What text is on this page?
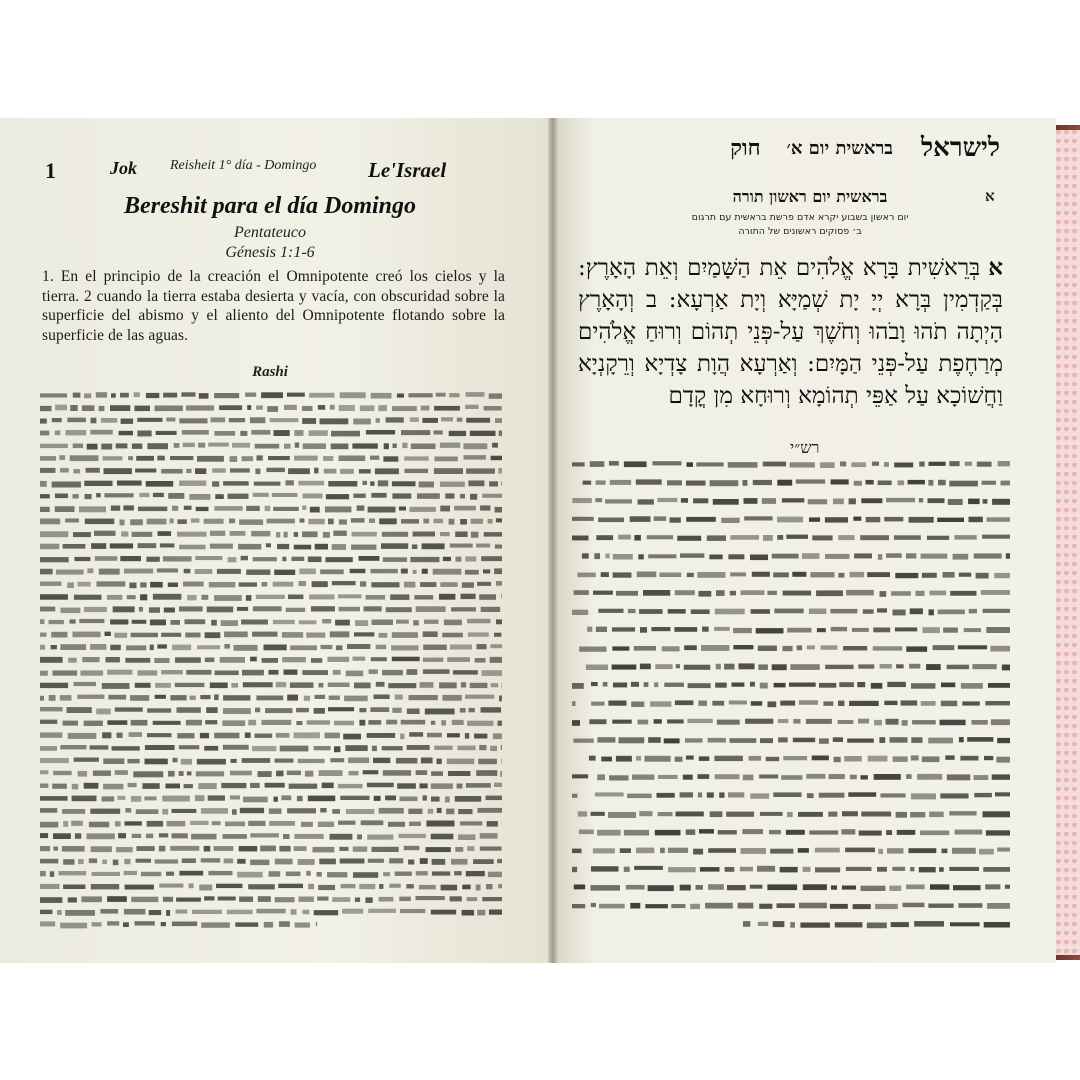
1	Jok Reisheit 1° día - Domingo Le'Israel
Bereshit para el día Domingo
Pentateuco
Génesis 1:1-6
1. En el principio de la creación el Omnipotente creó los cielos y la tierra. 2 cuando la tierra estaba desierta y vacía, con obscuridad sobre la superficie del abismo y el aliento del Omnipotente flotando sobre la superficie de las aguas.
Rashi
לישראל
בראשית יום א׳
חוק
א
בראשית יום ראשון תורה
יום ראשון בשבוע יקרא אדם פרשת בראשית עם תרגום
ב׳ פסוקים ראשונים של התורה
אבְּרֵאשִׁית בָּרָא אֱלֹהִים אֵת הַשָּׁמַיִם וְאֵת הָאָרֶץ: בְּקַדְמִין בְּרָא יְיָ יָת שְׁמַיָּא וְיָת אַרְעָא: ב וְהָאָרֶץ הָיְתָה תֹהוּ וָבֹהוּ וְחֹשֶׁךְ עַל-פְּנֵי תְהוֹם וְרוּחַ אֱלֹהִים מְרַחֶפֶת עַל-פְּנֵי הַמָּיִם: וְאַרְעָא הֲוָת צָדְיָא וְרֵקָנְיָא וַחֲשׁוֹכָא עַל אַפֵּי תְהוֹמָא וְרוּחָא מִן קֳדָם
רש״י
